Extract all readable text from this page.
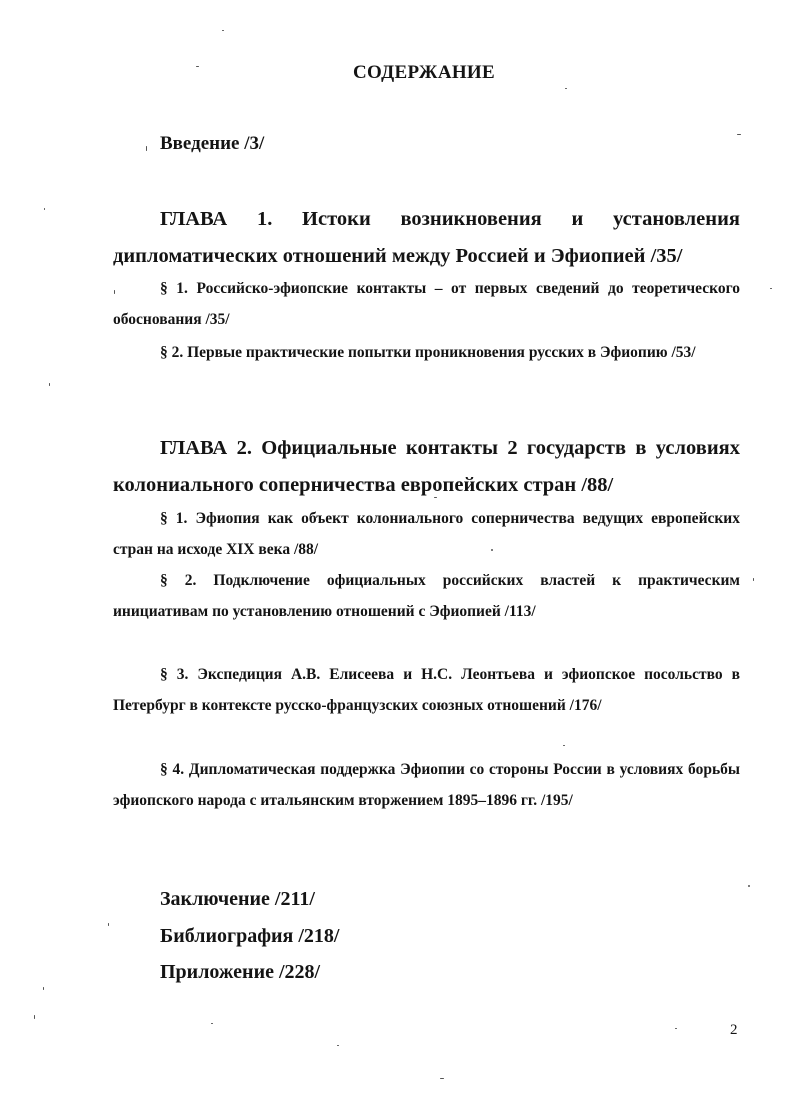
СОДЕРЖАНИЕ
Введение /3/
ГЛАВА 1. Истоки возникновения и установления дипломатических отношений между Россией и Эфиопией /35/
§ 1. Российско-эфиопские контакты – от первых сведений до теоретического обоснования /35/
§ 2. Первые практические попытки проникновения русских в Эфиопию /53/
ГЛАВА 2. Официальные контакты 2 государств в условиях колониального соперничества европейских стран /88/
§ 1. Эфиопия как объект колониального соперничества ведущих европейских стран на исходе XIX века /88/
§ 2. Подключение официальных российских властей к практическим инициативам по установлению отношений с Эфиопией /113/
§ 3. Экспедиция А.В. Елисеева и Н.С. Леонтьева и эфиопское посольство в Петербург в контексте русско-французских союзных отношений /176/
§ 4. Дипломатическая поддержка Эфиопии со стороны России в условиях борьбы эфиопского народа с итальянским вторжением 1895–1896 гг. /195/
Заключение /211/
Библиография /218/
Приложение /228/
2
